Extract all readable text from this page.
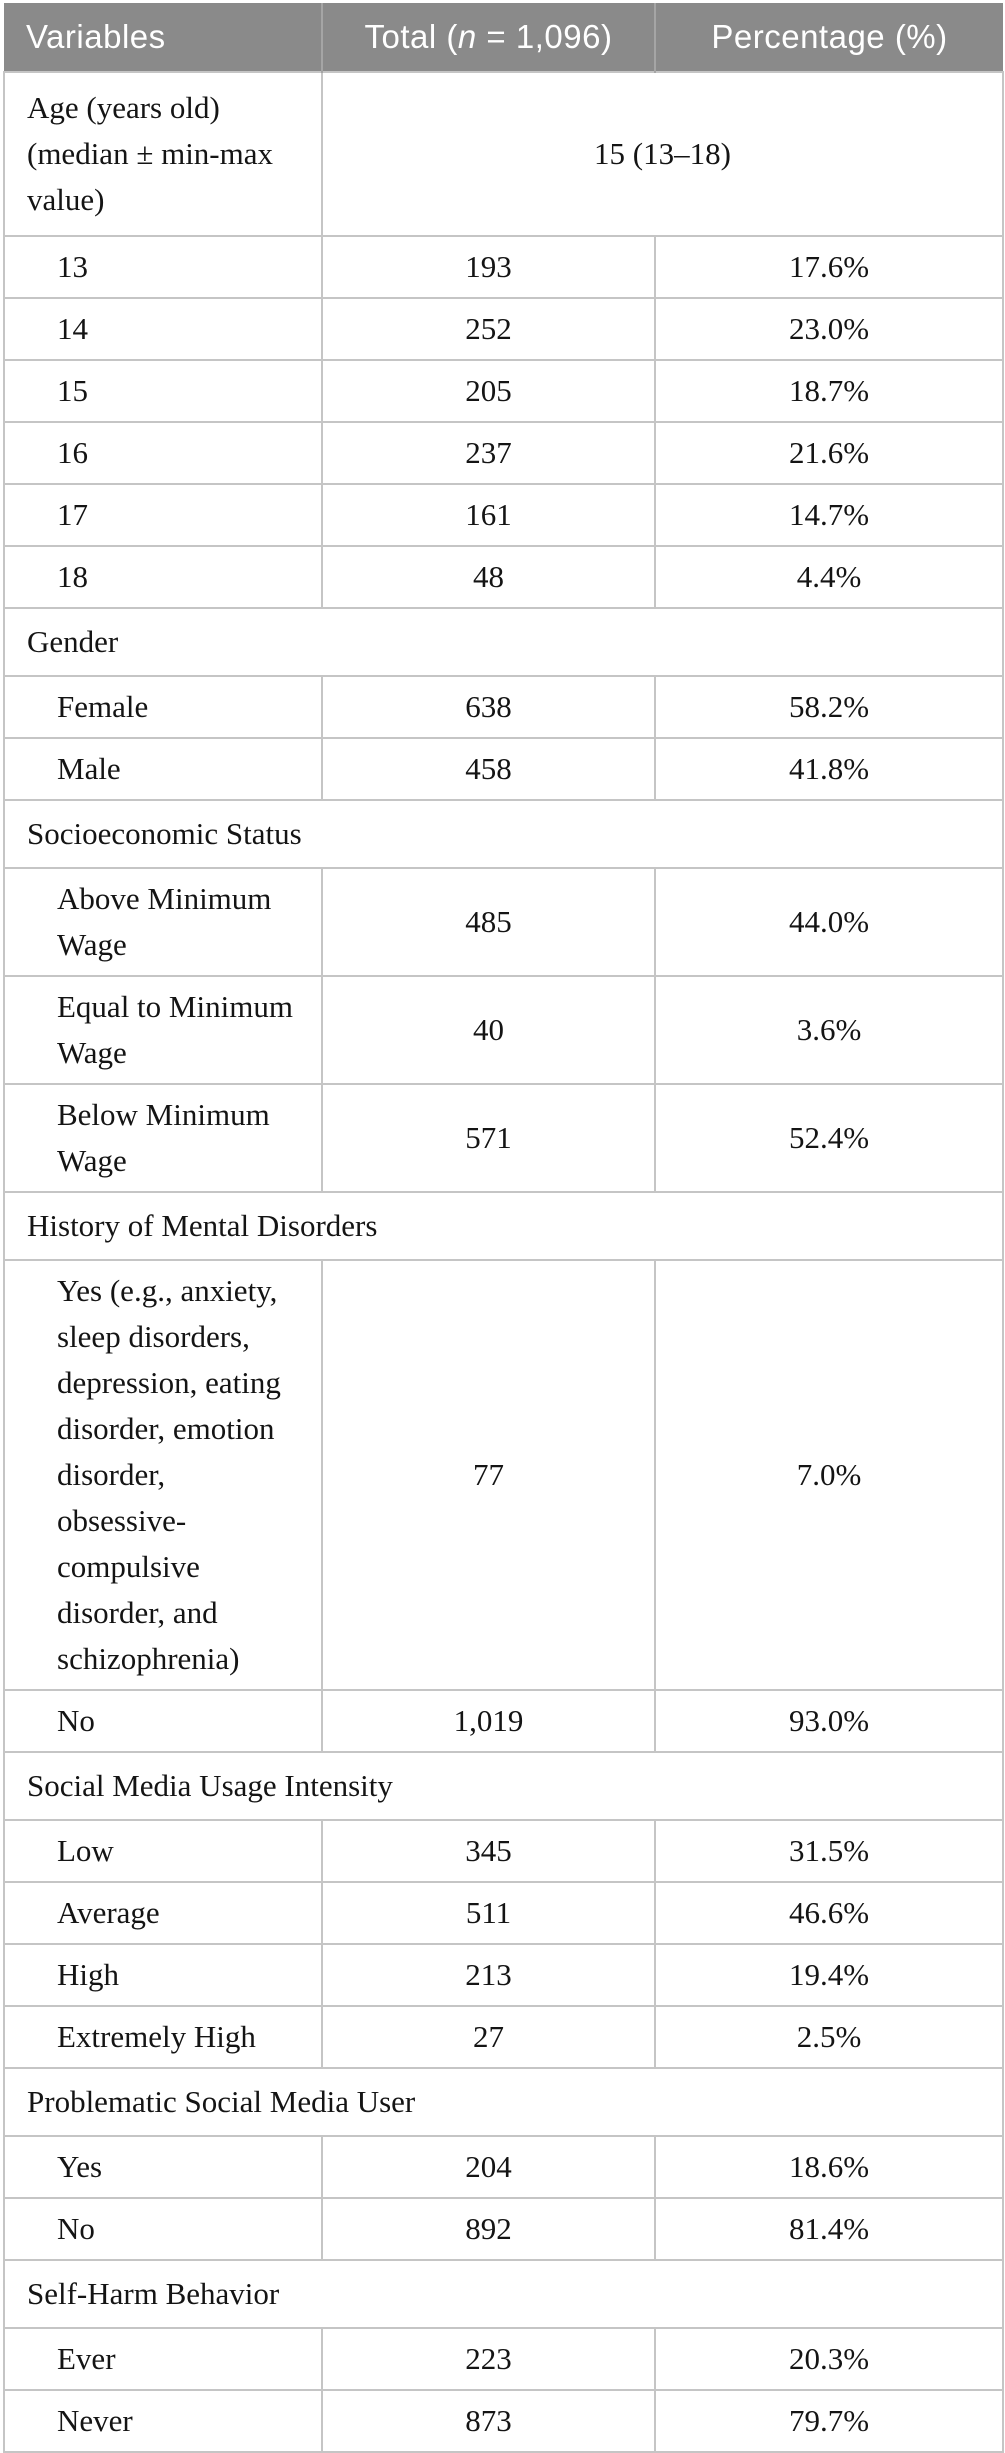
Variables	Total (n = 1,096)	Percentage (%)
Age (years old) (median ± min-max value)	15 (13–18)	
13	193	17.6%
14	252	23.0%
15	205	18.7%
16	237	21.6%
17	161	14.7%
18	48	4.4%
Gender		
Female	638	58.2%
Male	458	41.8%
Socioeconomic Status		
Above Minimum Wage	485	44.0%
Equal to Minimum Wage	40	3.6%
Below Minimum Wage	571	52.4%
History of Mental Disorders		
Yes (e.g., anxiety, sleep disorders, depression, eating disorder, emotion disorder, obsessive-compulsive disorder, and schizophrenia)	77	7.0%
No	1,019	93.0%
Social Media Usage Intensity		
Low	345	31.5%
Average	511	46.6%
High	213	19.4%
Extremely High	27	2.5%
Problematic Social Media User		
Yes	204	18.6%
No	892	81.4%
Self-Harm Behavior		
Ever	223	20.3%
Never	873	79.7%
